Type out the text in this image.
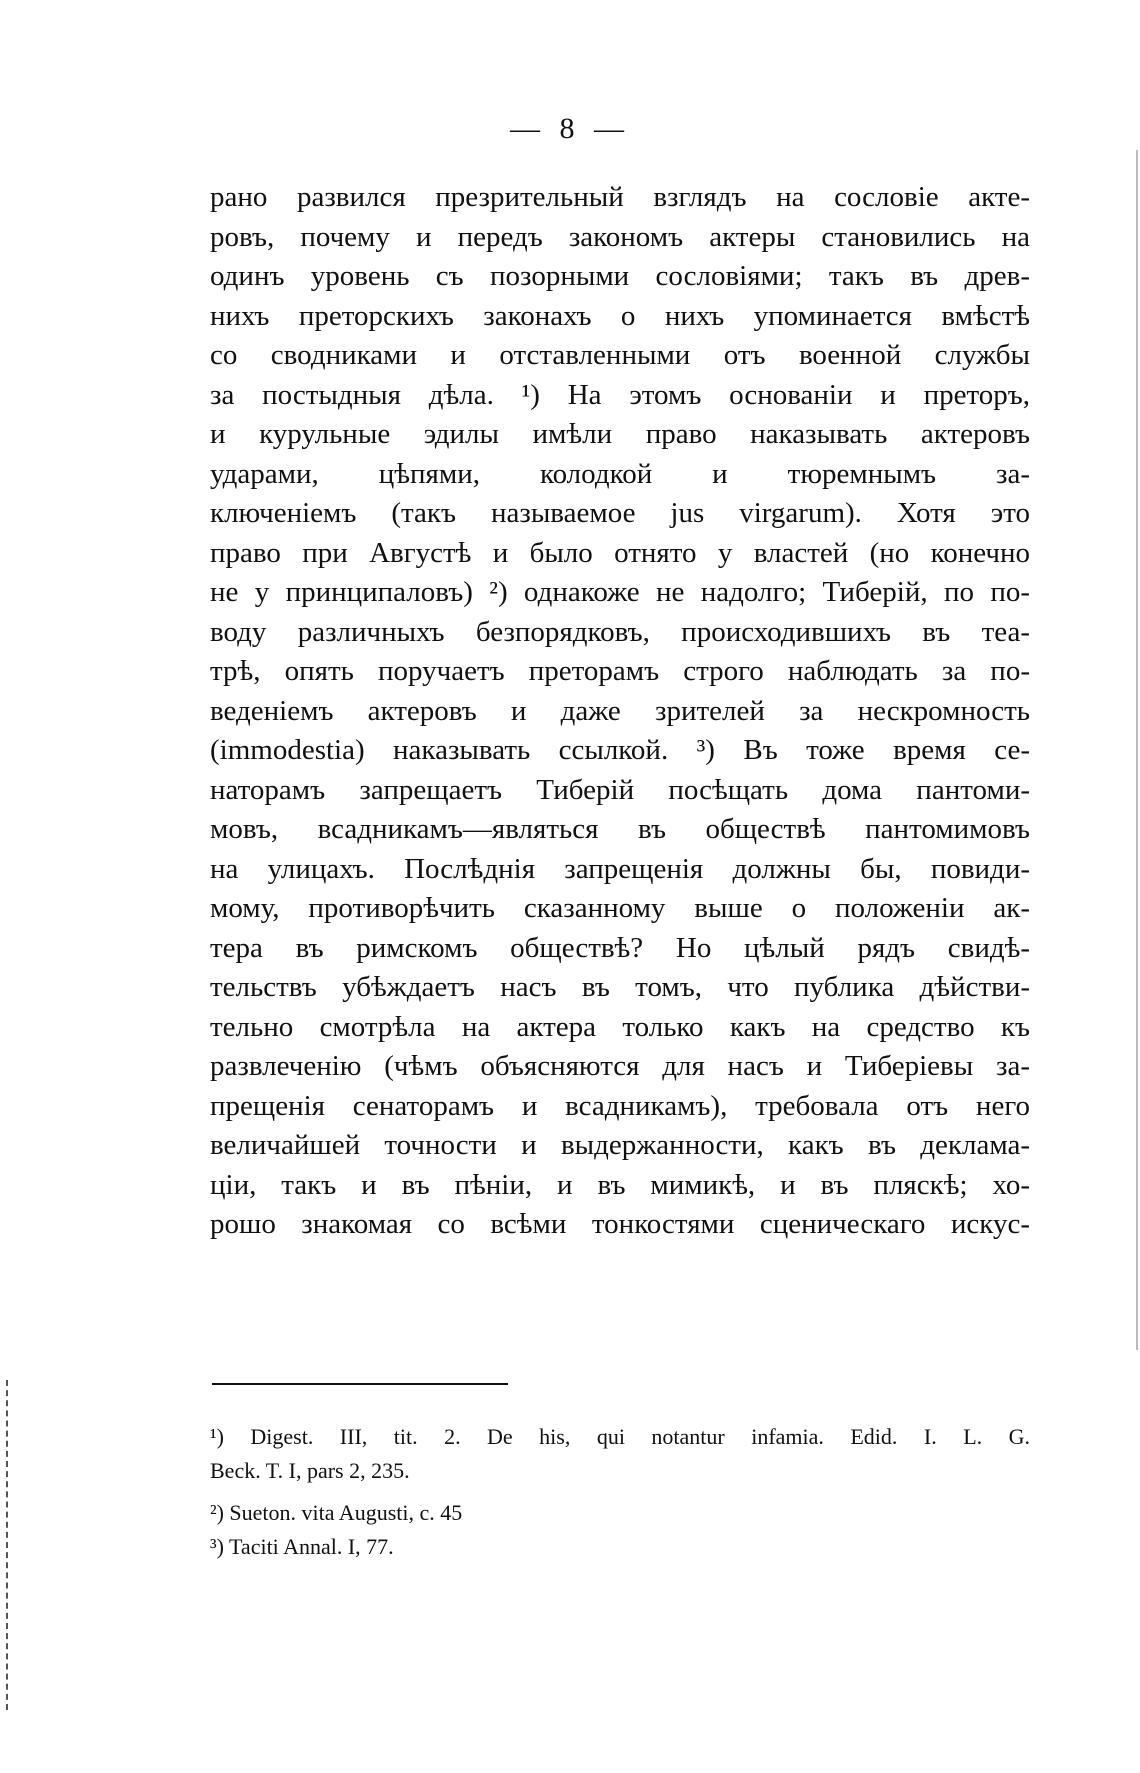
— 8 —
рано развился презрительный взглядъ на сословіе акте-
ровъ, почему и передъ закономъ актеры становились на
одинъ уровень съ позорными сословіями; такъ въ древ-
нихъ преторскихъ законахъ о нихъ упоминается вмѣстѣ
со сводниками и отставленными отъ военной службы
за постыдныя дѣла. ¹) На этомъ основаніи и преторъ,
и курульные эдилы имѣли право наказывать актеровъ
ударами, цѣпями, колодкой и тюремнымъ за-
ключеніемъ (такъ называемое jus virgarum). Хотя это
право при Августѣ и было отнято у властей (но конечно
не у принципаловъ) ²) однакоже не надолго; Тиберій, по по-
воду различныхъ безпорядковъ, происходившихъ въ теа-
трѣ, опять поручаетъ преторамъ строго наблюдать за по-
веденіемъ актеровъ и даже зрителей за нескромность
(immodestia) наказывать ссылкой. ³) Въ тоже время се-
наторамъ запрещаетъ Тиберій посѣщать дома пантоми-
мовъ, всадникамъ—являться въ обществѣ пантомимовъ
на улицахъ. Послѣднія запрещенія должны бы, повиди-
мому, противорѣчить сказанному выше о положеніи ак-
тера въ римскомъ обществѣ? Но цѣлый рядъ свидѣ-
тельствъ убѣждаетъ насъ въ томъ, что публика дѣйстви-
тельно смотрѣла на актера только какъ на средство къ
развлеченію (чѣмъ объясняются для насъ и Тиберіевы за-
прещенія сенаторамъ и всадникамъ), требовала отъ него
величайшей точности и выдержанности, какъ въ деклама-
ціи, такъ и въ пѣніи, и въ мимикѣ, и въ пляскѣ; хо-
рошо знакомая со всѣми тонкостями сценическаго искус-
¹) Digest. III, tit. 2. De his, qui notantur infamia. Edid. I. L. G.
Beck. T. I, pars 2, 235.
²) Sueton. vita Augusti, c. 45
³) Taciti Annal. I, 77.
